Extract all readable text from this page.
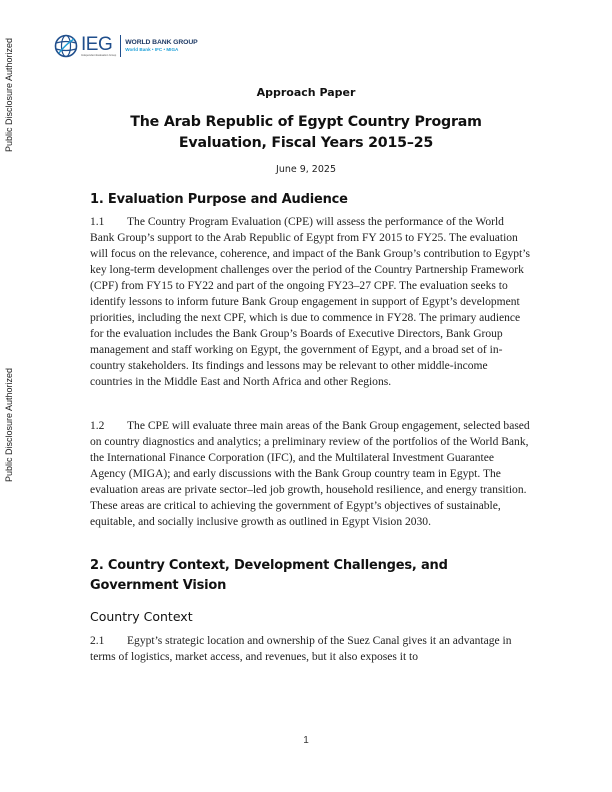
Public Disclosure Authorized
Public Disclosure Authorized
IEG
Independent Evaluation Group
WORLD BANK GROUP
World Bank • IFC • MIGA
Approach Paper
The Arab Republic of Egypt Country Program Evaluation, Fiscal Years 2015–25
June 9, 2025
1. Evaluation Purpose and Audience
1.1 The Country Program Evaluation (CPE) will assess the performance of the World Bank Group’s support to the Arab Republic of Egypt from FY 2015 to FY25. The evaluation will focus on the relevance, coherence, and impact of the Bank Group’s contribution to Egypt’s key long-term development challenges over the period of the Country Partnership Framework (CPF) from FY15 to FY22 and part of the ongoing FY23–27 CPF. The evaluation seeks to identify lessons to inform future Bank Group engagement in support of Egypt’s development priorities, including the next CPF, which is due to commence in FY28. The primary audience for the evaluation includes the Bank Group’s Boards of Executive Directors, Bank Group management and staff working on Egypt, the government of Egypt, and a broad set of in-country stakeholders. Its findings and lessons may be relevant to other middle-income countries in the Middle East and North Africa and other Regions.
1.2 The CPE will evaluate three main areas of the Bank Group engagement, selected based on country diagnostics and analytics; a preliminary review of the portfolios of the World Bank, the International Finance Corporation (IFC), and the Multilateral Investment Guarantee Agency (MIGA); and early discussions with the Bank Group country team in Egypt. The evaluation areas are private sector–led job growth, household resilience, and energy transition. These areas are critical to achieving the government of Egypt’s objectives of sustainable, equitable, and socially inclusive growth as outlined in Egypt Vision 2030.
2. Country Context, Development Challenges, and Government Vision
Country Context
2.1 Egypt’s strategic location and ownership of the Suez Canal gives it an advantage in terms of logistics, market access, and revenues, but it also exposes it to
1
